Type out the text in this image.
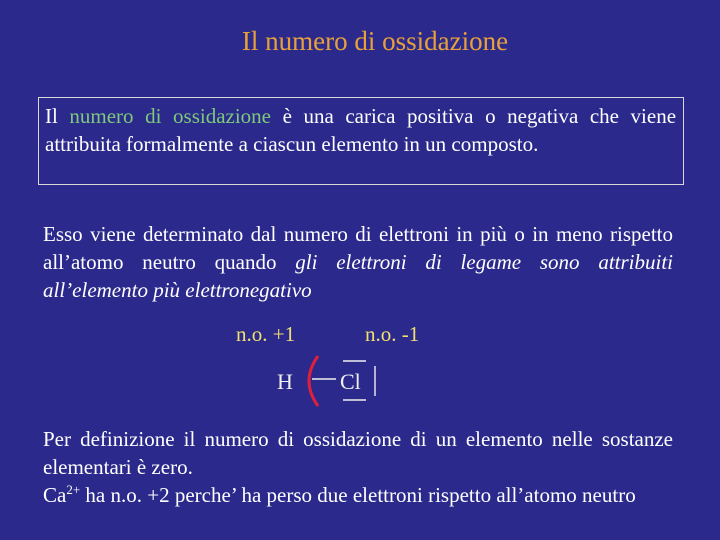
Il numero di ossidazione
Il numero di ossidazione è una carica positiva o negativa che viene attribuita formalmente a ciascun elemento in un composto.
Esso viene determinato dal numero di elettroni in più o in meno rispetto all’atomo neutro quando gli elettroni di legame sono attribuiti all’elemento più elettronegativo
n.o. +1	n.o. -1
H Cl
Per definizione il numero di ossidazione di un elemento nelle sostanze elementari è zero.
$Ca^{2+}$ ha n.o. +2 perche’ ha perso due elettroni rispetto all’atomo neutro
